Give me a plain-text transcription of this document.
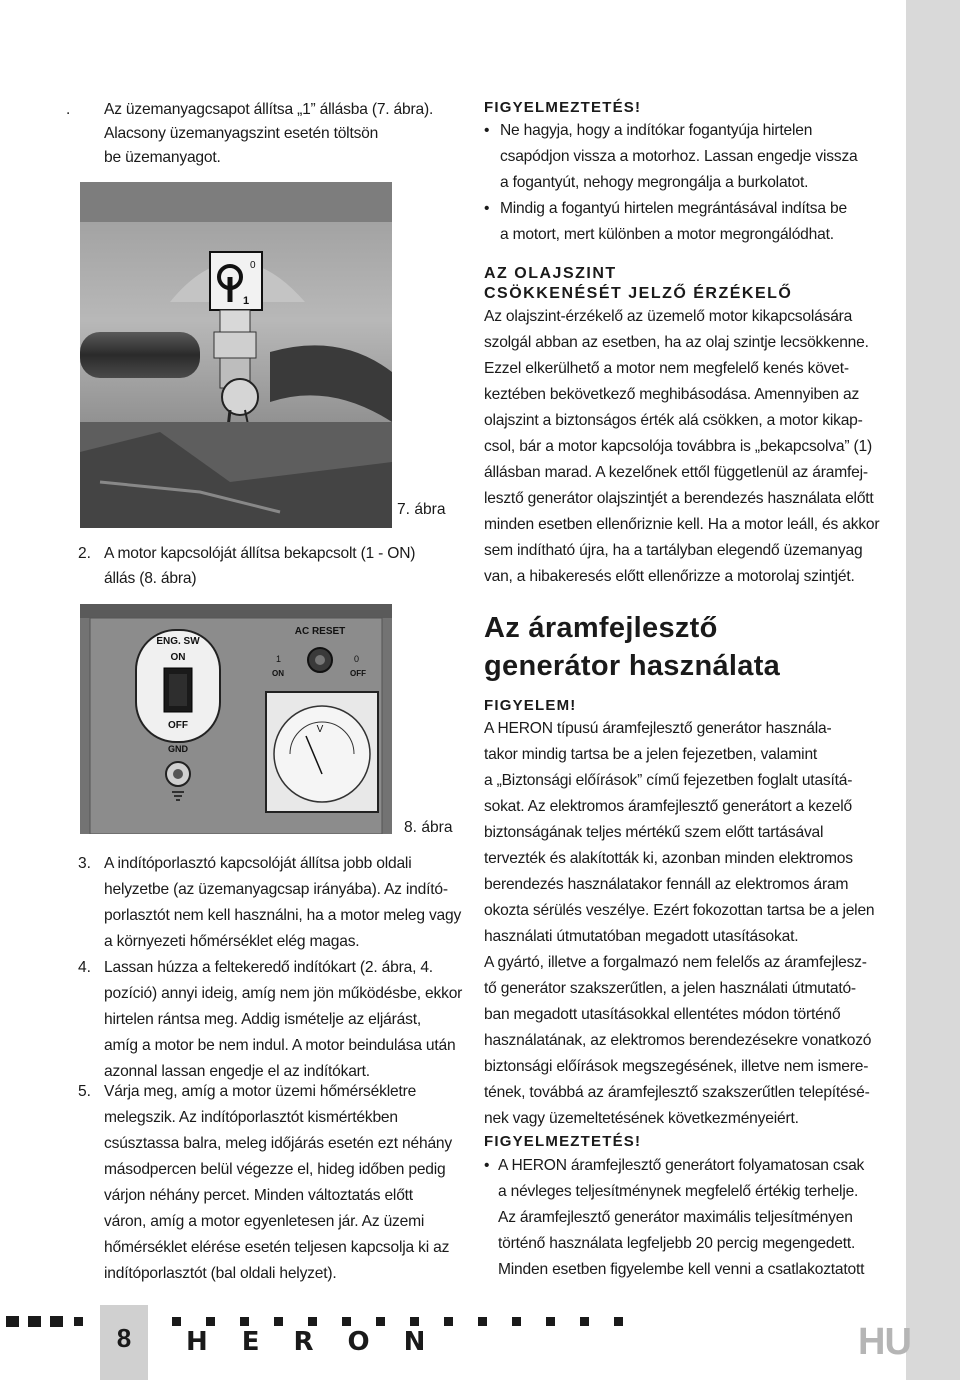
. Az üzemanyagcsapot állítsa „1” állásba (7. ábra).
Alacsony üzemanyagszint esetén töltsön
be üzemanyagot.
0
1
7. ábra
2. A motor kapcsolóját állítsa bekapcsolt (1 - ON)
állás (8. ábra)
ENG. SW
ON
OFF
GND
AC RESET
1	0
ON	OFF
V
8. ábra
3. A indítóporlasztó kapcsolóját állítsa jobb oldali
helyzetbe (az üzemanyagcsap irányába). Az indító-
porlasztót nem kell használni, ha a motor meleg vagy
a környezeti hőmérséklet elég magas.
4. Lassan húzza a feltekeredő indítókart (2. ábra, 4.
pozíció) annyi ideig, amíg nem jön működésbe, ekkor
hirtelen rántsa meg. Addig ismételje az eljárást,
amíg a motor be nem indul. A motor beindulása után
azonnal lassan engedje el az indítókart.
5. Várja meg, amíg a motor üzemi hőmérsékletre
melegszik. Az indítóporlasztót kismértékben
csúsztassa balra, meleg időjárás esetén ezt néhány
másodpercen belül végezze el, hideg időben pedig
várjon néhány percet. Minden változtatás előtt
váron, amíg a motor egyenletesen jár. Az üzemi
hőmérséklet elérése esetén teljesen kapcsolja ki az
indítóporlasztót (bal oldali helyzet).
FIGYELMEZTETÉS!
• Ne hagyja, hogy a indítókar fogantyúja hirtelen
csapódjon vissza a motorhoz. Lassan engedje vissza
a fogantyút, nehogy megrongálja a burkolatot.
• Mindig a fogantyú hirtelen megrántásával indítsa be
a motort, mert különben a motor megrongálódhat.
AZ OLAJSZINT
CSÖKKENÉSÉT JELZŐ ÉRZÉKELŐ
Az olajszint-érzékelő az üzemelő motor kikapcsolására
szolgál abban az esetben, ha az olaj szintje lecsökkenne.
Ezzel elkerülhető a motor nem megfelelő kenés követ-
keztében bekövetkező meghibásodása. Amennyiben az
olajszint a biztonságos érték alá csökken, a motor kikap-
csol, bár a motor kapcsolója továbbra is „bekapcsolva” (1)
állásban marad. A kezelőnek ettől függetlenül az áramfej-
lesztő generátor olajszintjét a berendezés használata előtt
minden esetben ellenőriznie kell. Ha a motor leáll, és akkor
sem indítható újra, ha a tartályban elegendő üzemanyag
van, a hibakeresés előtt ellenőrizze a motorolaj szintjét.
Az áramfejlesztő
generátor használata
FIGYELEM!
A HERON típusú áramfejlesztő generátor használa-
takor mindig tartsa be a jelen fejezetben, valamint
a „Biztonsági előírások” című fejezetben foglalt utasítá-
sokat. Az elektromos áramfejlesztő generátort a kezelő
biztonságának teljes mértékű szem előtt tartásával
tervezték és alakították ki, azonban minden elektromos
berendezés használatakor fennáll az elektromos áram
okozta sérülés veszélye. Ezért fokozottan tartsa be a jelen
használati útmutatóban megadott utasításokat.
A gyártó, illetve a forgalmazó nem felelős az áramfejlesz-
tő generátor szakszerűtlen, a jelen használati útmutató-
ban megadott utasításokkal ellentétes módon történő
használatának, az elektromos berendezésekre vonatkozó
biztonsági előírások megszegésének, illetve nem ismere-
tének, továbbá az áramfejlesztő szakszerűtlen telepítésé-
nek vagy üzemeltetésének következményeiért.
FIGYELMEZTETÉS!
• A HERON áramfejlesztő generátort folyamatosan csak
a névleges teljesítménynek megfelelő értékig terhelje.
Az áramfejlesztő generátor maximális teljesítményen
történő használata legfeljebb 20 percig megengedett.
Minden esetben figyelembe kell venni a csatlakoztatott
8	HERON	HU
